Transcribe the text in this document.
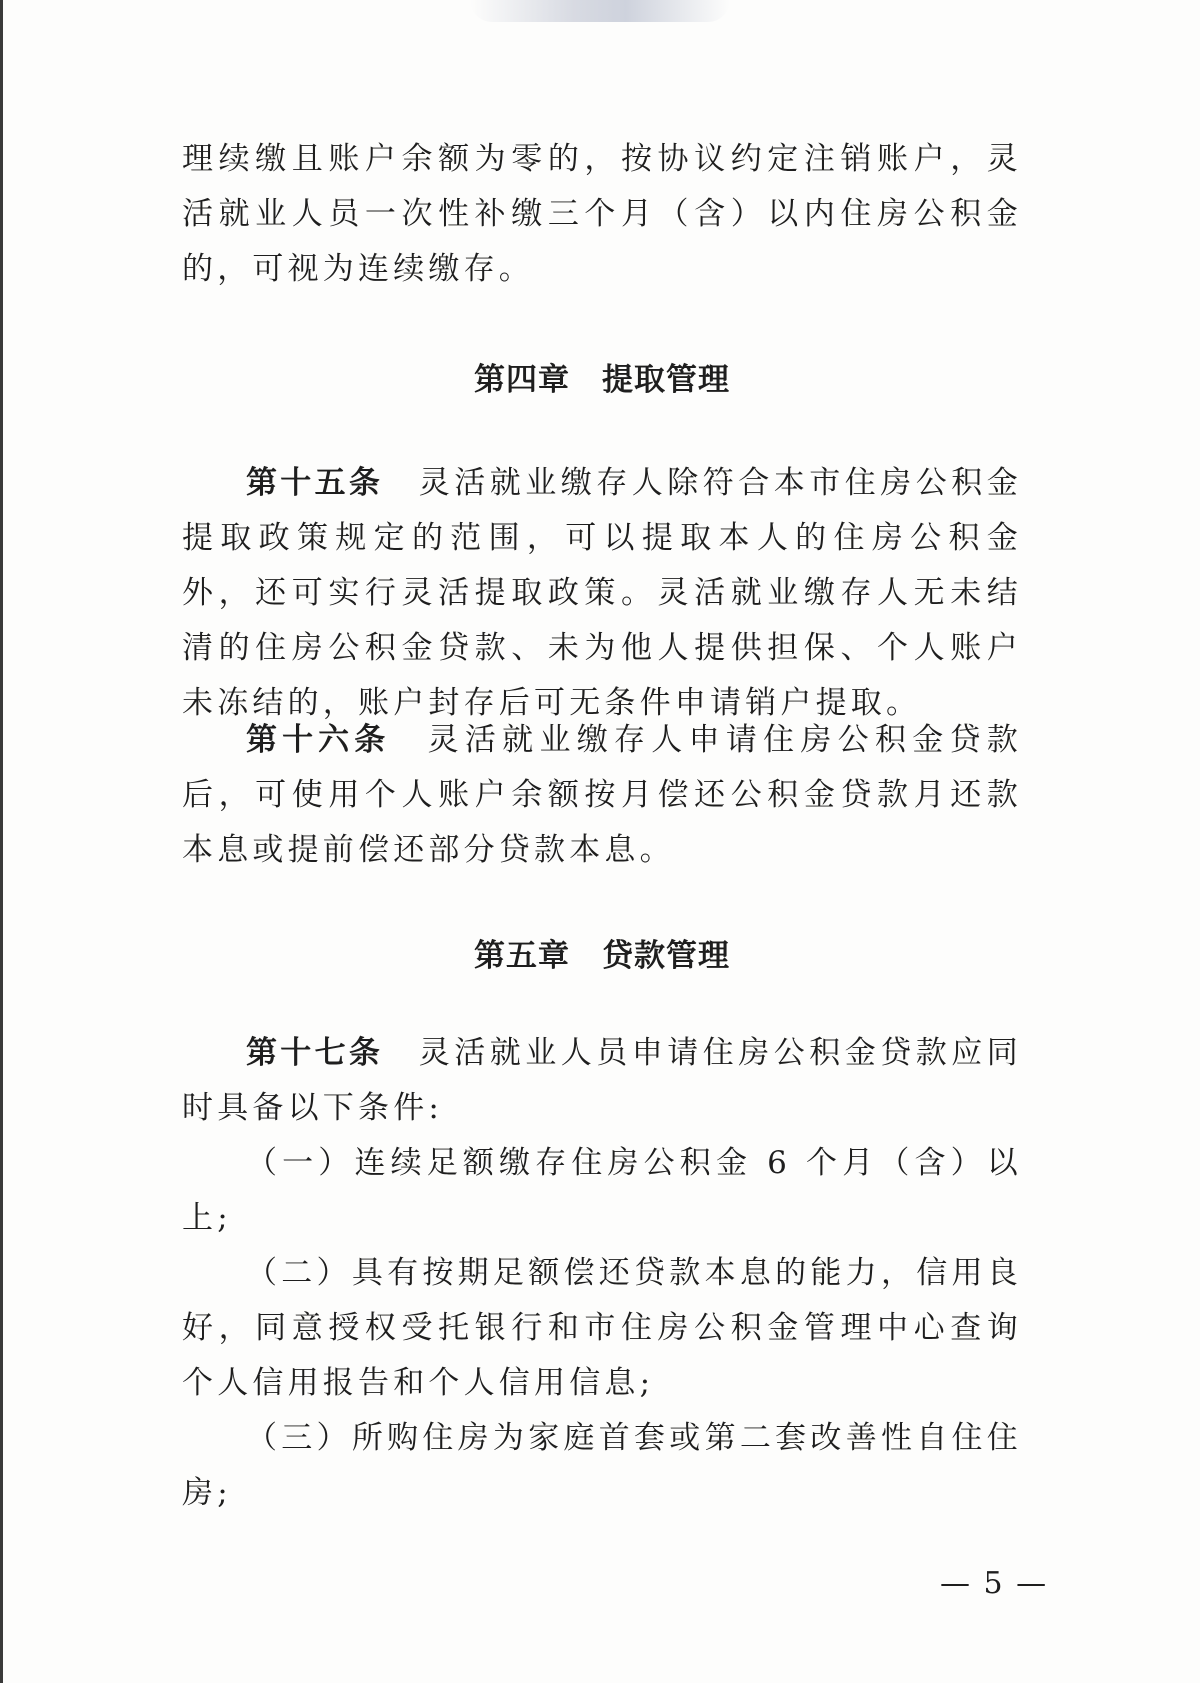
理续缴且账户余额为零的，按协议约定注销账户，灵活就业人员一次性补缴三个月（含）以内住房公积金的，可视为连续缴存。

第四章　提取管理

第十五条　灵活就业缴存人除符合本市住房公积金提取政策规定的范围，可以提取本人的住房公积金外，还可实行灵活提取政策。灵活就业缴存人无未结清的住房公积金贷款、未为他人提供担保、个人账户未冻结的，账户封存后可无条件申请销户提取。

第十六条　灵活就业缴存人申请住房公积金贷款后，可使用个人账户余额按月偿还公积金贷款月还款本息或提前偿还部分贷款本息。

第五章　贷款管理

第十七条　灵活就业人员申请住房公积金贷款应同时具备以下条件:

（一）连续足额缴存住房公积金 6 个月（含）以上;

（二）具有按期足额偿还贷款本息的能力，信用良好，同意授权受托银行和市住房公积金管理中心查询个人信用报告和个人信用信息;

（三）所购住房为家庭首套或第二套改善性自住住房;

— 5 —
